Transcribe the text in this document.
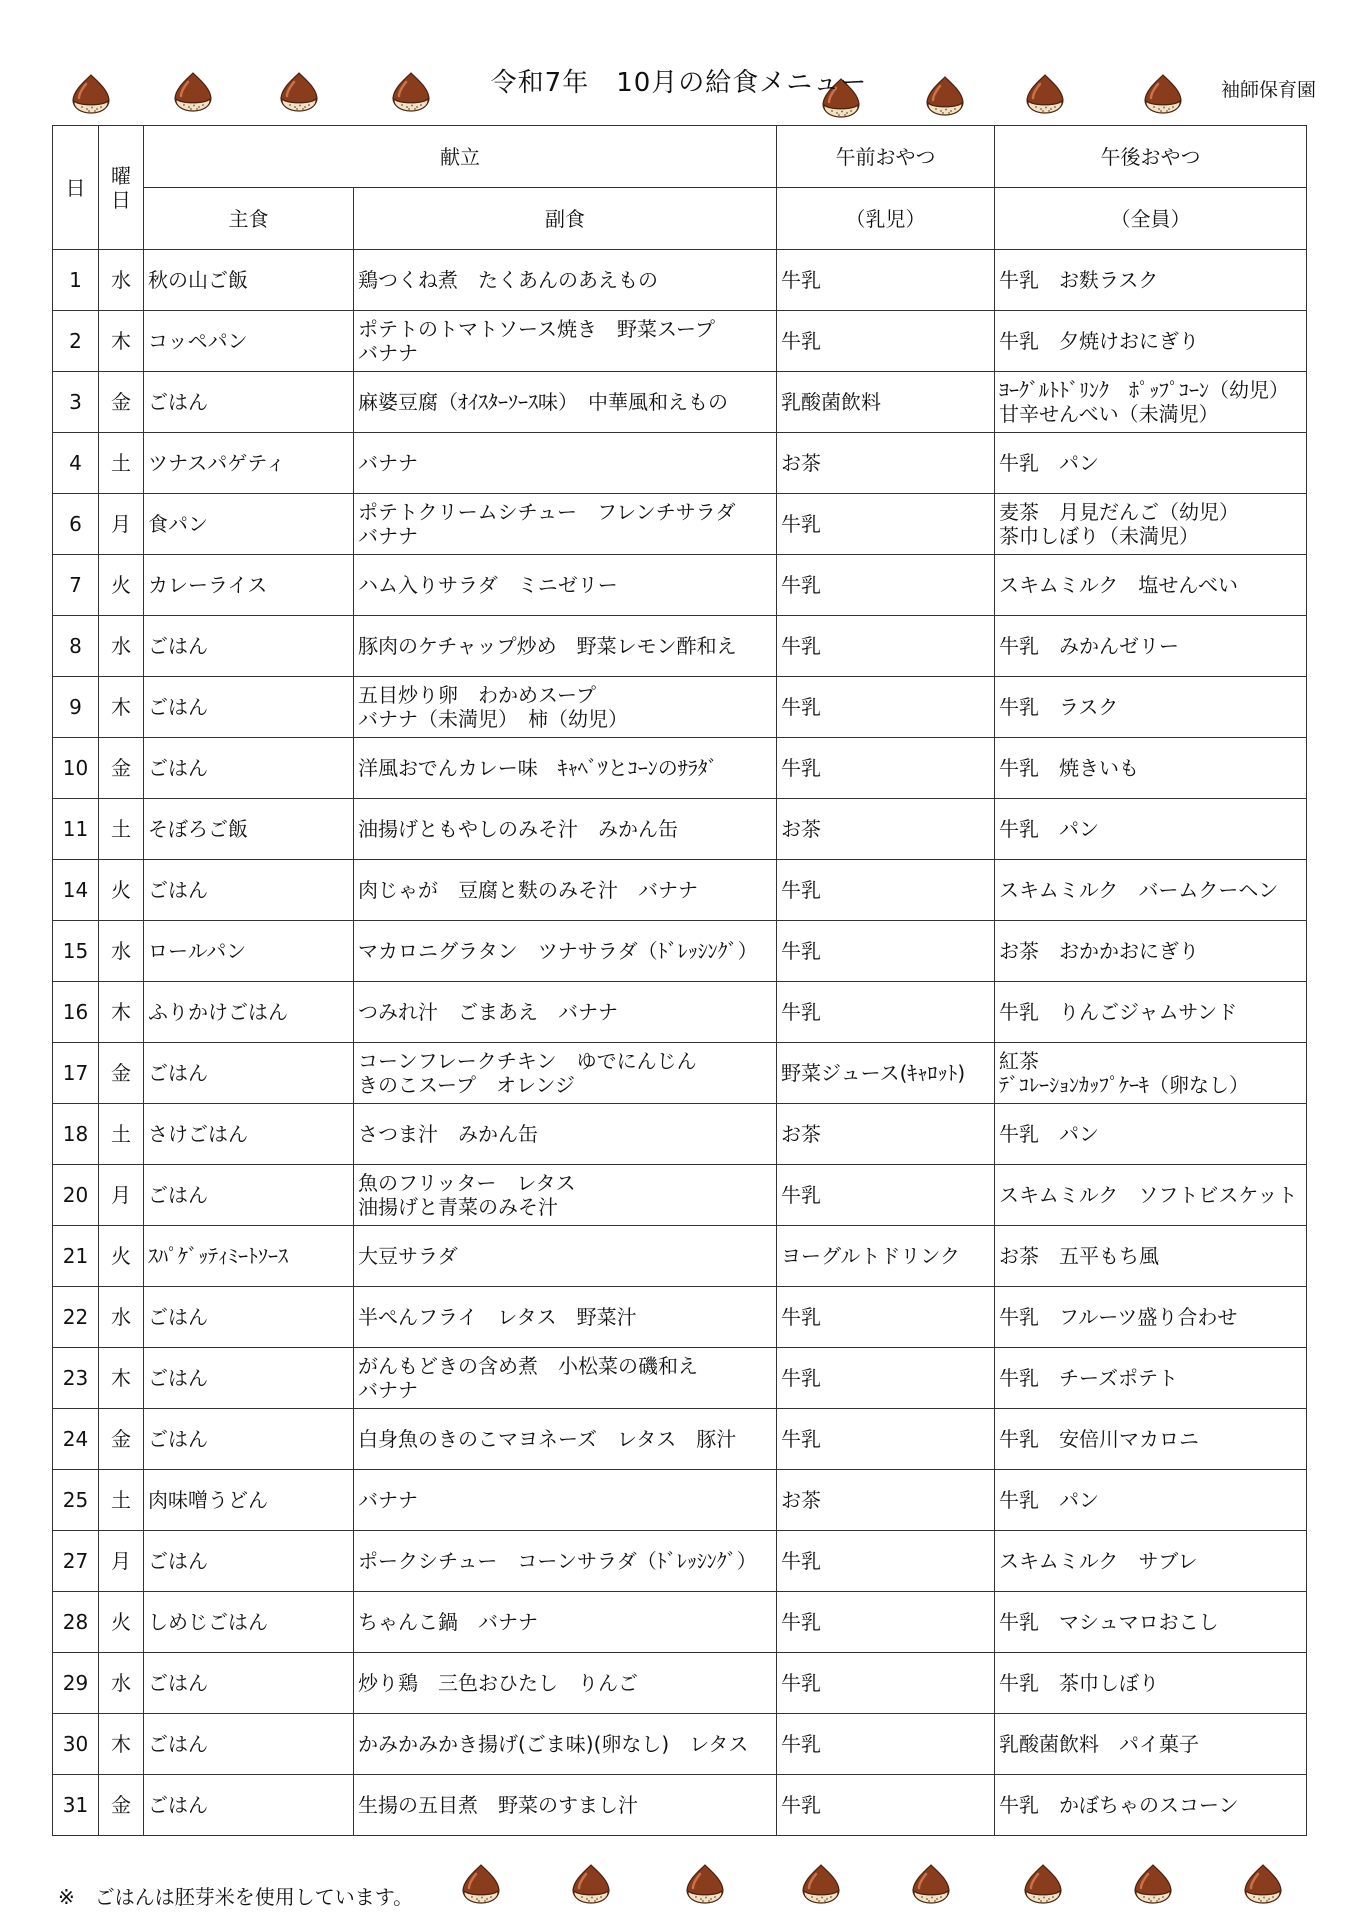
令和7年　10月の給食メニュー	袖師保育園
日	曜日	献立		午前おやつ	午後おやつ
		主食	副食	（乳児）	（全員）
1	水	秋の山ご飯	鶏つくね煮　たくあんのあえもの	牛乳	牛乳　お麩ラスク
2	木	コッペパン	ポテトのトマトソース焼き　野菜スープ
バナナ	牛乳	牛乳　夕焼けおにぎり
3	金	ごはん	麻婆豆腐（ｵｲｽﾀｰｿｰｽ味）　中華風和えもの	乳酸菌飲料	ﾖｰｸﾞﾙﾄﾄﾞﾘﾝｸ　ﾎﾟｯﾌﾟｺｰﾝ（幼児）
甘辛せんべい（未満児）
4	土	ツナスパゲティ	バナナ	お茶	牛乳　パン
6	月	食パン	ポテトクリームシチュー　フレンチサラダ
バナナ	牛乳	麦茶　月見だんご（幼児）
茶巾しぼり（未満児）
7	火	カレーライス	ハム入りサラダ　ミニゼリー	牛乳	スキムミルク　塩せんべい
8	水	ごはん	豚肉のケチャップ炒め　野菜レモン酢和え	牛乳	牛乳　みかんゼリー
9	木	ごはん	五目炒り卵　わかめスープ
バナナ（未満児）　柿（幼児）	牛乳	牛乳　ラスク
10	金	ごはん	洋風おでんカレー味　ｷｬﾍﾞﾂとｺｰﾝのｻﾗﾀﾞ	牛乳	牛乳　焼きいも
11	土	そぼろご飯	油揚げともやしのみそ汁　みかん缶	お茶	牛乳　パン
14	火	ごはん	肉じゃが　豆腐と麩のみそ汁　バナナ	牛乳	スキムミルク　バームクーヘン
15	水	ロールパン	マカロニグラタン　ツナサラダ（ﾄﾞﾚｯｼﾝｸﾞ）	牛乳	お茶　おかかおにぎり
16	木	ふりかけごはん	つみれ汁　ごまあえ　バナナ	牛乳	牛乳　りんごジャムサンド
17	金	ごはん	コーンフレークチキン　ゆでにんじん
きのこスープ　オレンジ	野菜ジュース(ｷｬﾛｯﾄ)	紅茶
ﾃﾞｺﾚｰｼｮﾝｶｯﾌﾟｹｰｷ（卵なし）
18	土	さけごはん	さつま汁　みかん缶	お茶	牛乳　パン
20	月	ごはん	魚のフリッター　レタス
油揚げと青菜のみそ汁	牛乳	スキムミルク　ソフトビスケット
21	火	ｽﾊﾟｹﾞｯﾃｨﾐｰﾄｿｰｽ	大豆サラダ	ヨーグルトドリンク	お茶　五平もち風
22	水	ごはん	半ぺんフライ　レタス　野菜汁	牛乳	牛乳　フルーツ盛り合わせ
23	木	ごはん	がんもどきの含め煮　小松菜の磯和え
バナナ	牛乳	牛乳　チーズポテト
24	金	ごはん	白身魚のきのこマヨネーズ　レタス　豚汁	牛乳	牛乳　安倍川マカロニ
25	土	肉味噌うどん	バナナ	お茶	牛乳　パン
27	月	ごはん	ポークシチュー　コーンサラダ（ﾄﾞﾚｯｼﾝｸﾞ）	牛乳	スキムミルク　サブレ
28	火	しめじごはん	ちゃんこ鍋　バナナ	牛乳	牛乳　マシュマロおこし
29	水	ごはん	炒り鶏　三色おひたし　りんご	牛乳	牛乳　茶巾しぼり
30	木	ごはん	かみかみかき揚げ(ごま味)(卵なし)　レタス	牛乳	乳酸菌飲料　パイ菓子
31	金	ごはん	生揚の五目煮　野菜のすまし汁	牛乳	牛乳　かぼちゃのスコーン
※　ごはんは胚芽米を使用しています。
